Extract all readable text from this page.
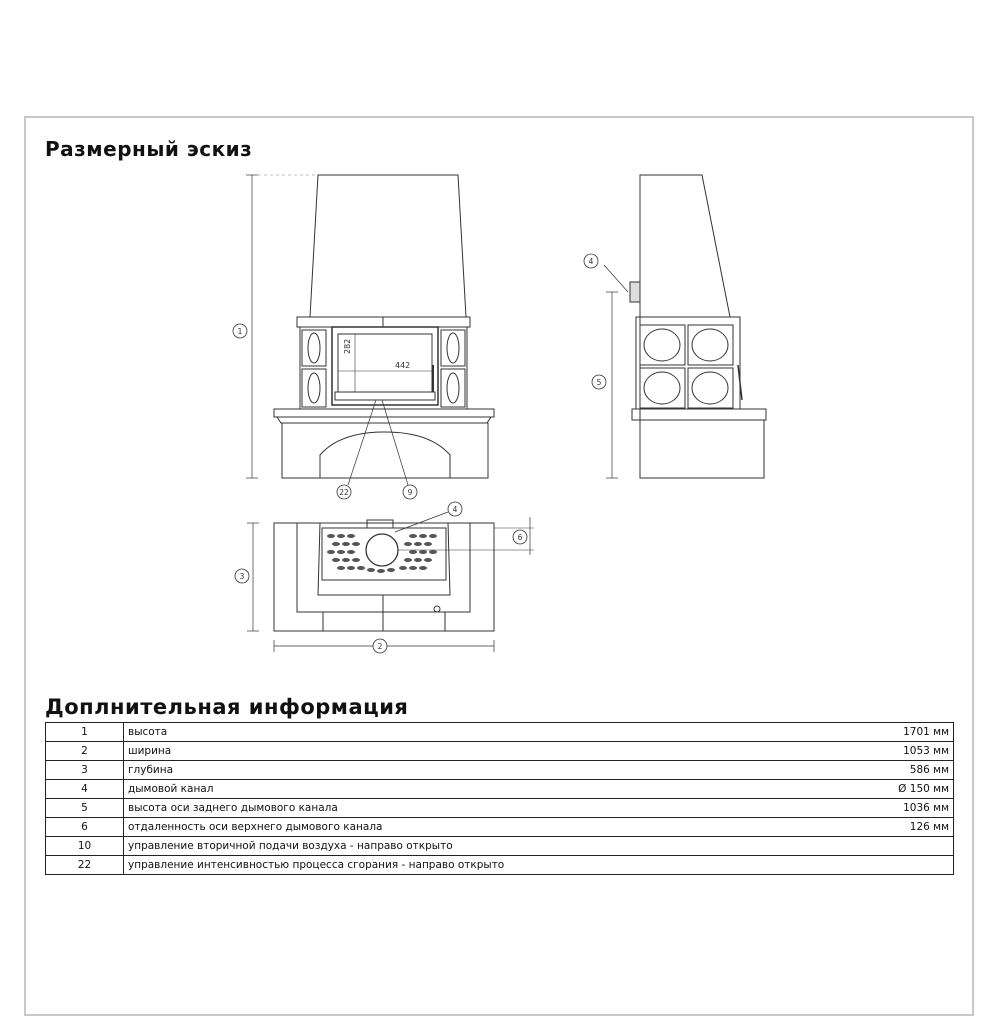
Размерный эскиз
282
442
1
2
3
4
4
5
6
9
22
Доплнительная информация
1	высота	1701 мм
2	ширина	1053 мм
3	глубина	586 мм
4	дымовой канал	Ø 150 мм
5	высота оси заднего дымового канала	1036 мм
6	отдаленность оси верхнего дымового канала	126 мм
10	управление вторичной подачи воздуха - направо открыто	
22	управление интенсивностью процесса сгорания - направо открыто	
